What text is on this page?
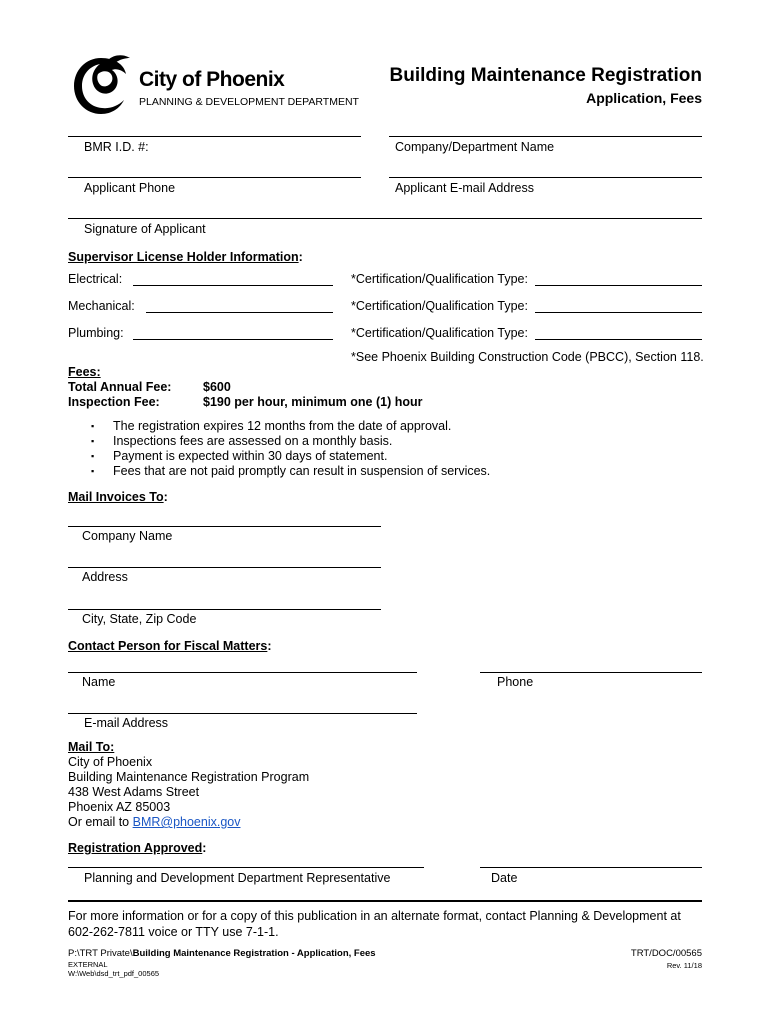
City of Phoenix
PLANNING & DEVELOPMENT DEPARTMENT
Building Maintenance Registration
Application, Fees
BMR I.D. #:	Company/Department Name
Applicant Phone	Applicant E-mail Address
Signature of Applicant
Supervisor License Holder Information:
Electrical:	*Certification/Qualification Type:
Mechanical:	*Certification/Qualification Type:
Plumbing:	*Certification/Qualification Type:
*See Phoenix Building Construction Code (PBCC), Section 118.
Fees:
Total Annual Fee:	$600
Inspection Fee:	$190 per hour, minimum one (1) hour
▪ The registration expires 12 months from the date of approval.
▪ Inspections fees are assessed on a monthly basis.
▪ Payment is expected within 30 days of statement.
▪ Fees that are not paid promptly can result in suspension of services.
Mail Invoices To:
Company Name
Address
City, State, Zip Code
Contact Person for Fiscal Matters:
Name	Phone
E-mail Address
Mail To:
City of Phoenix
Building Maintenance Registration Program
438 West Adams Street
Phoenix AZ 85003
Or email to BMR@phoenix.gov
Registration Approved:
Planning and Development Department Representative	Date
For more information or for a copy of this publication in an alternate format, contact Planning & Development at
602-262-7811 voice or TTY use 7-1-1.
P:\TRT Private\Building Maintenance Registration - Application, Fees
EXTERNAL
W:\Web\dsd_trt_pdf_00565
TRT/DOC/00565
Rev. 11/18
